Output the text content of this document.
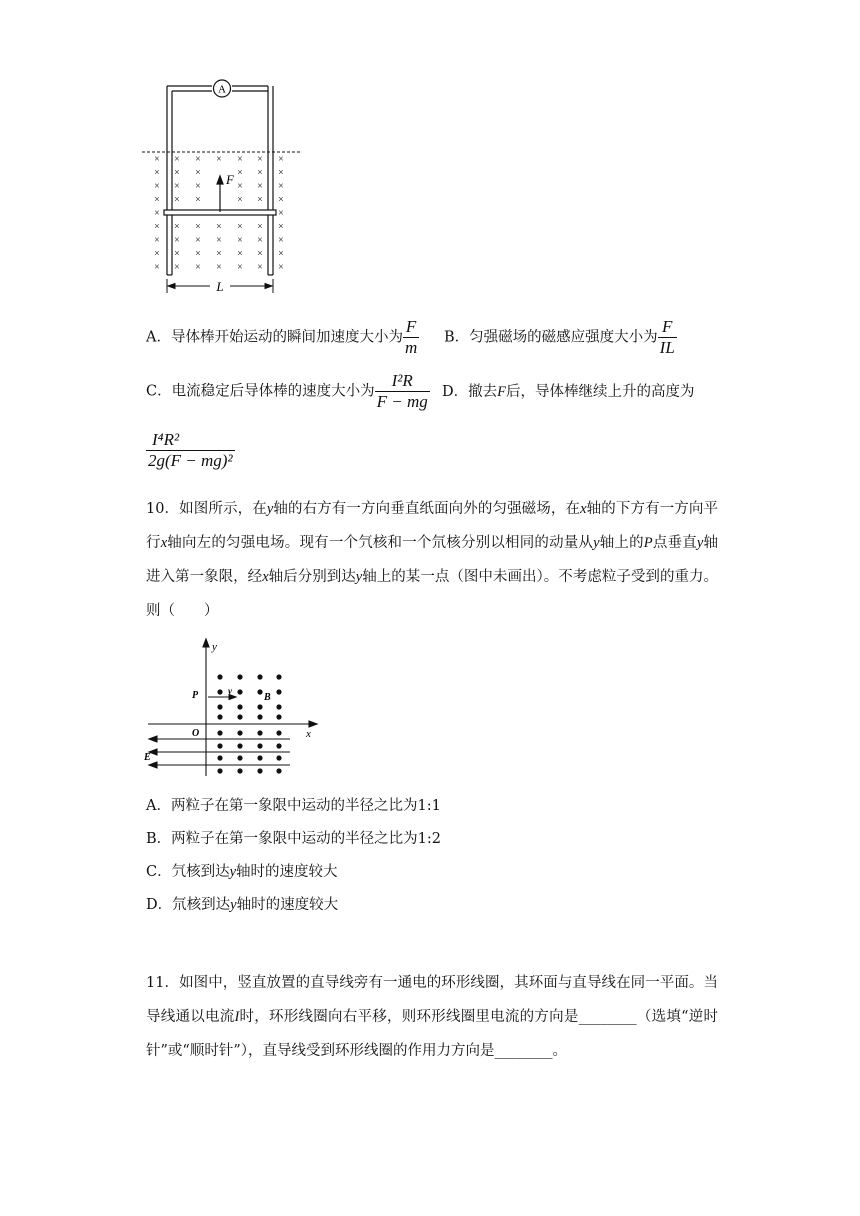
A
× × × × × × ×
× × ×	× × ×
× × ×	× × ×
× × ×	× × ×
×	×
× × × × × × ×
× × × × × × ×
× × × × × × ×
× × × × × × ×
F
L
A．导体棒开始运动的瞬间加速度大小为 $\frac{F}{m}$ B．匀强磁场的磁感应强度大小为 $\frac{F}{IL}$
C．电流稳定后导体棒的速度大小为 $\frac{\text{I²R}}{F - mg}$ D．撤去F后，导体棒继续上升的高度为
$\frac{\text{I⁴R²}}{\text{2g(F − mg)²}}$
10．如图所示，在y轴的右方有一方向垂直纸面向外的匀强磁场，在x轴的下方有一方向平行x轴向左的匀强电场。现有一个氕核和一个氘核分别以相同的动量从y轴上的P点垂直y轴进入第一象限，经x轴后分别到达y轴上的某一点（图中未画出）。不考虑粒子受到的重力。则（　　）
y
x
O
P	v
B
E
A．两粒子在第一象限中运动的半径之比为1:1
B．两粒子在第一象限中运动的半径之比为1:2
C．氕核到达y轴时的速度较大
D．氘核到达y轴时的速度较大
11．如图中，竖直放置的直导线旁有一通电的环形线圈，其环面与直导线在同一平面。当导线通以电流I时，环形线圈向右平移，则环形线圈里电流的方向是________（选填“逆时针”或“顺时针”），直导线受到环形线圈的作用力方向是________。
